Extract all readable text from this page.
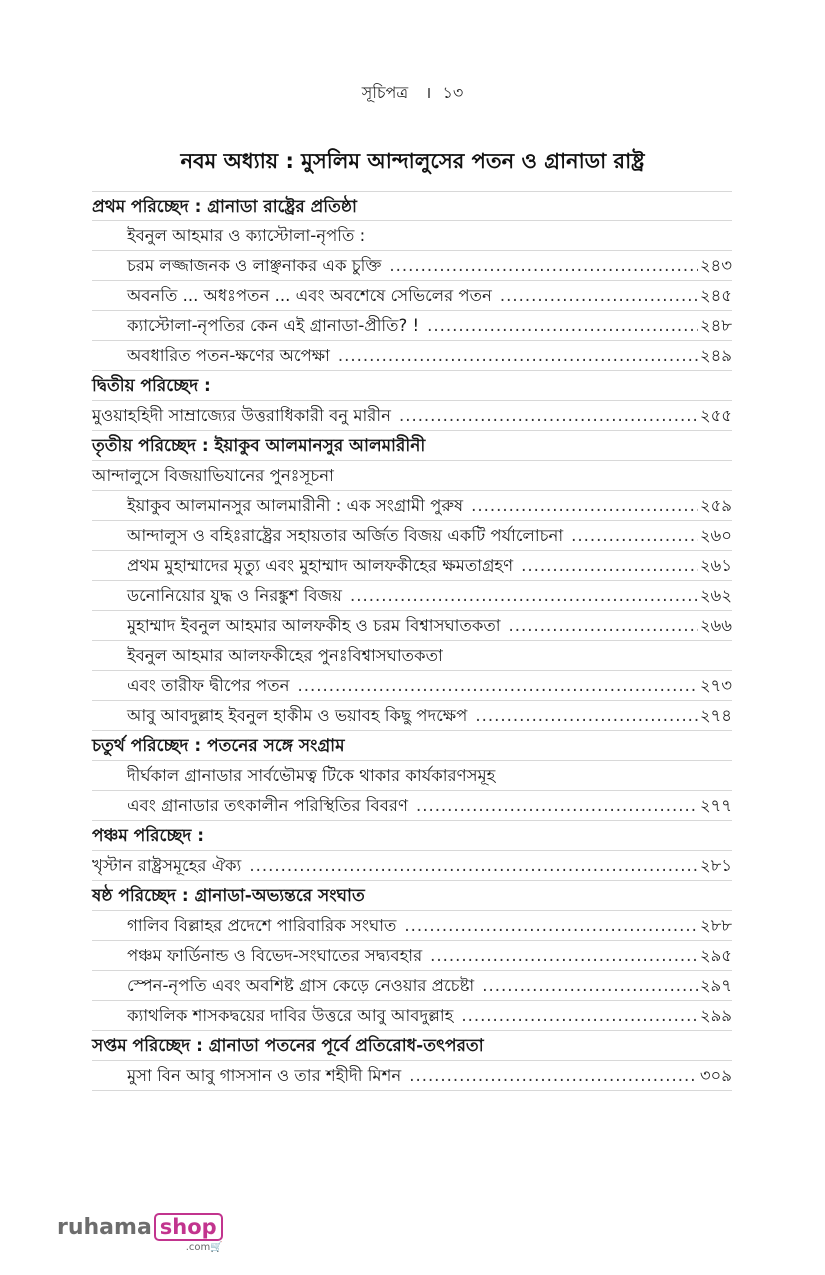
সূচিপত্র । ১৩
নবম অধ্যায় : মুসলিম আন্দালুসের পতন ও গ্রানাডা রাষ্ট্র
প্রথম পরিচ্ছেদ : গ্রানাডা রাষ্ট্রের প্রতিষ্ঠা
ইবনুল আহমার ও ক্যাস্টোলা-নৃপতি :
চরম লজ্জাজনক ও লাঞ্ছনাকর এক চুক্তি .....	২৪৩
অবনতি ... অধঃপতন ... এবং অবশেষে সেভিলের পতন .....	২৪৫
ক্যাস্টোলা-নৃপতির কেন এই গ্রানাডা-প্রীতি? ! .....	২৪৮
অবধারিত পতন-ক্ষণের অপেক্ষা .....	২৪৯
দ্বিতীয় পরিচ্ছেদ :
মুওয়াহহিদী সাম্রাজ্যের উত্তরাধিকারী বনু মারীন .....	২৫৫
তৃতীয় পরিচ্ছেদ : ইয়াকুব আলমানসুর আলমারীনী
আন্দালুসে বিজয়াভিযানের পুনঃসূচনা
ইয়াকুব আলমানসুর আলমারীনী : এক সংগ্রামী পুরুষ .....	২৫৯
আন্দালুস ও বহিঃরাষ্ট্রের সহায়তার অর্জিত বিজয় একটি পর্যালোচনা .....	২৬০
প্রথম মুহাম্মাদের মৃত্যু এবং মুহাম্মাদ আলফকীহের ক্ষমতাগ্রহণ .....	২৬১
ডনোনিয়োর যুদ্ধ ও নিরঙ্কুশ বিজয় .....	২৬২
মুহাম্মাদ ইবনুল আহমার আলফকীহ ও চরম বিশ্বাসঘাতকতা .....	২৬৬
ইবনুল আহমার আলফকীহের পুনঃবিশ্বাসঘাতকতা
এবং তারীফ দ্বীপের পতন .....	২৭৩
আবু আবদুল্লাহ ইবনুল হাকীম ও ভয়াবহ কিছু পদক্ষেপ .....	২৭৪
চতুর্থ পরিচ্ছেদ : পতনের সঙ্গে সংগ্রাম
দীর্ঘকাল গ্রানাডার সার্বভৌমত্ব টিকে থাকার কার্যকারণসমূহ
এবং গ্রানাডার তৎকালীন পরিস্থিতির বিবরণ .....	২৭৭
পঞ্চম পরিচ্ছেদ :
খৃস্টান রাষ্ট্রসমূহের ঐক্য .....	২৮১
ষষ্ঠ পরিচ্ছেদ : গ্রানাডা-অভ্যন্তরে সংঘাত
গালিব বিল্লাহর প্রদেশে পারিবারিক সংঘাত .....	২৮৮
পঞ্চম ফার্ডিনান্ড ও বিভেদ-সংঘাতের সদ্ব্যবহার .....	২৯৫
স্পেন-নৃপতি এবং অবশিষ্ট গ্রাস কেড়ে নেওয়ার প্রচেষ্টা .....	২৯৭
ক্যাথলিক শাসকদ্বয়ের দাবির উত্তরে আবু আবদুল্লাহ .....	২৯৯
সপ্তম পরিচ্ছেদ : গ্রানাডা পতনের পূর্বে প্রতিরোধ-তৎপরতা
মুসা বিন আবু গাসসান ও তার শহীদী মিশন .....	৩০৯
ruhama shop
.com🛒
